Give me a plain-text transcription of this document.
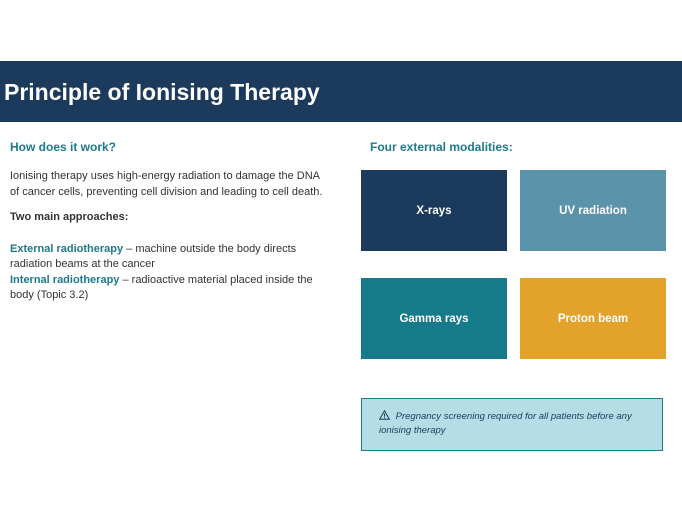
Principle of Ionising Therapy

How does it work?

Ionising therapy uses high-energy radiation to damage the DNA of cancer cells, preventing cell division and leading to cell death.

Two main approaches:

External radiotherapy – machine outside the body directs radiation beams at the cancer

Internal radiotherapy – radioactive material placed inside the body (Topic 3.2)

Four external modalities:
X-rays	UV radiation
Gamma rays	Proton beam
Pregnancy screening required for all patients before any ionising therapy
